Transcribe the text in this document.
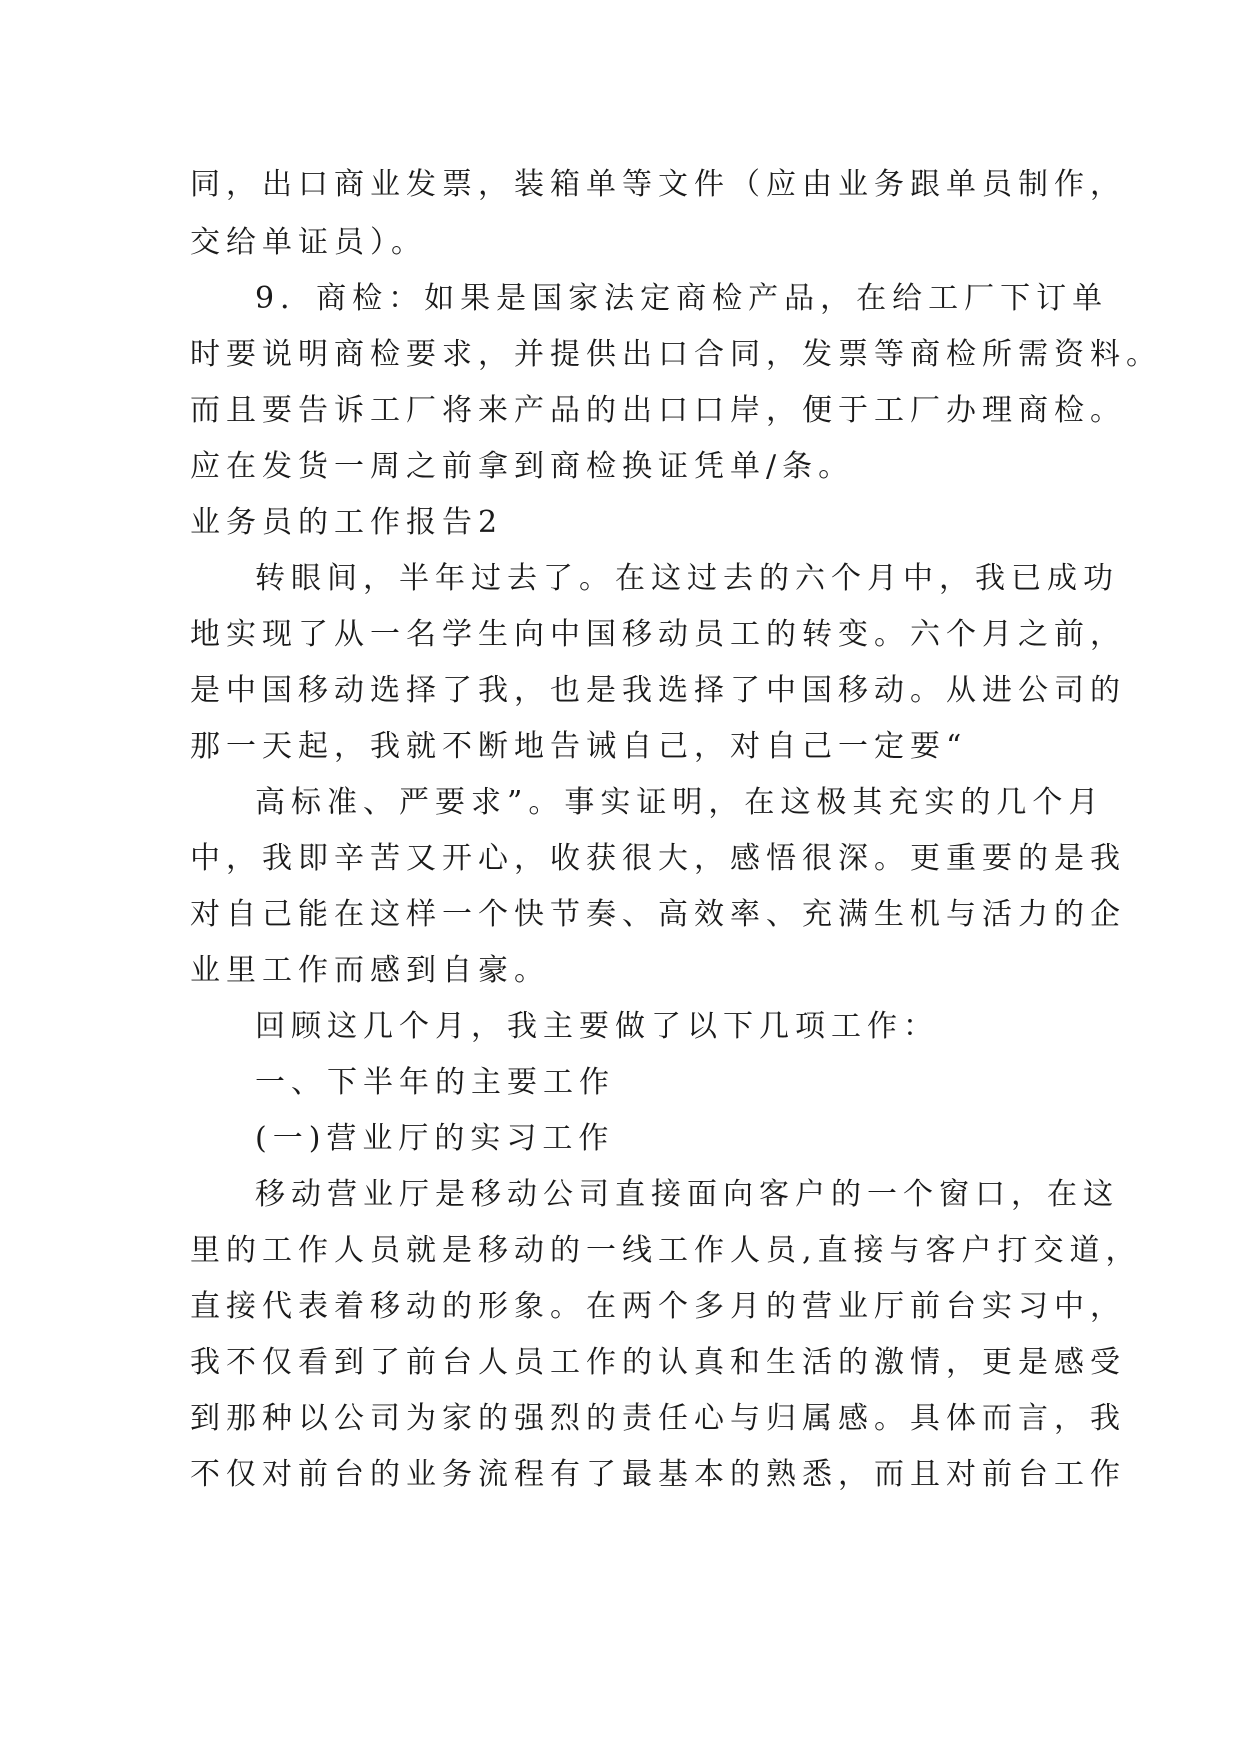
同，出口商业发票，装箱单等文件（应由业务跟单员制作，
交给单证员）。
9．商检：如果是国家法定商检产品，在给工厂下订单
时要说明商检要求，并提供出口合同，发票等商检所需资料。
而且要告诉工厂将来产品的出口口岸，便于工厂办理商检。
应在发货一周之前拿到商检换证凭单/条。
业务员的工作报告2
转眼间，半年过去了。在这过去的六个月中，我已成功
地实现了从一名学生向中国移动员工的转变。六个月之前，
是中国移动选择了我，也是我选择了中国移动。从进公司的
那一天起，我就不断地告诫自己，对自己一定要“
高标准、严要求”。事实证明，在这极其充实的几个月
中，我即辛苦又开心，收获很大，感悟很深。更重要的是我
对自己能在这样一个快节奏、高效率、充满生机与活力的企
业里工作而感到自豪。
回顾这几个月，我主要做了以下几项工作：
一、下半年的主要工作
(一)营业厅的实习工作
移动营业厅是移动公司直接面向客户的一个窗口，在这
里的工作人员就是移动的一线工作人员,直接与客户打交道，
直接代表着移动的形象。在两个多月的营业厅前台实习中，
我不仅看到了前台人员工作的认真和生活的激情，更是感受
到那种以公司为家的强烈的责任心与归属感。具体而言，我
不仅对前台的业务流程有了最基本的熟悉，而且对前台工作
